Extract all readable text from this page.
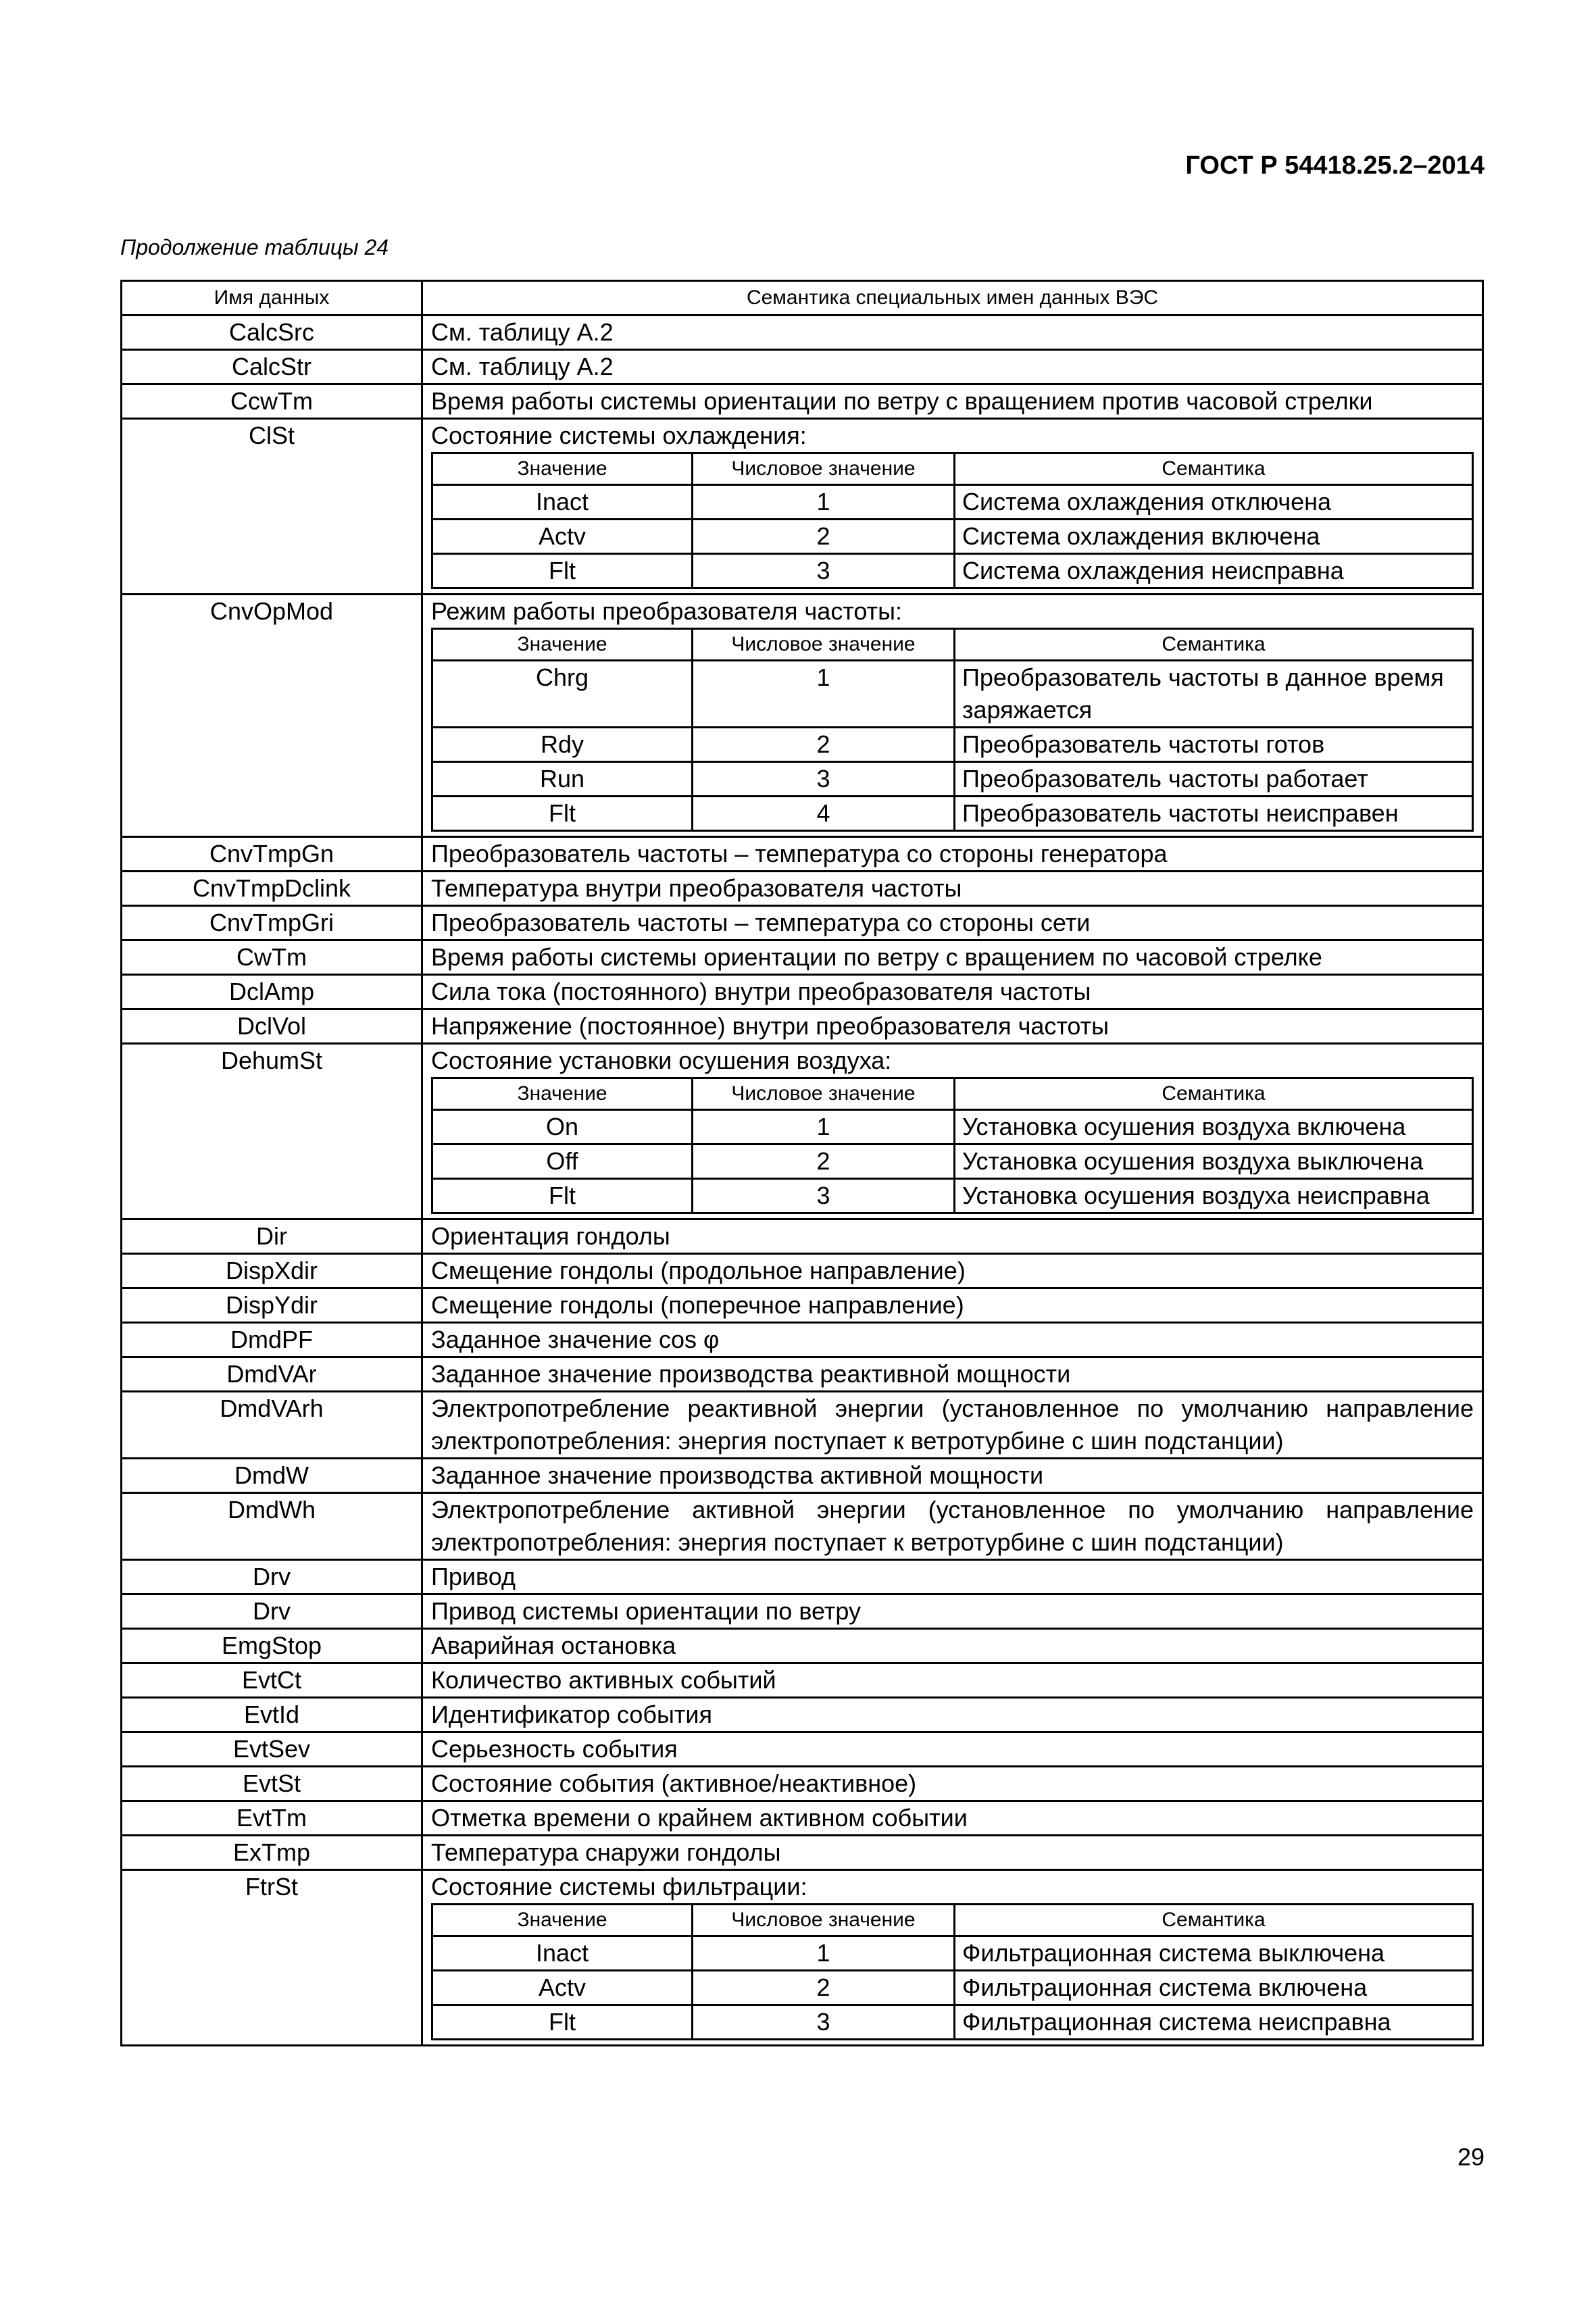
ГОСТ Р 54418.25.2–2014
Продолжение таблицы 24
Имя данных	Семантика специальных имен данных ВЭС
CalcSrc	См. таблицу А.2
CalcStr	См. таблицу А.2
CcwTm	Время работы системы ориентации по ветру с вращением против часовой стрелки
ClSt	Состояние системы охлаждения:
Значение	Числовое значение	Семантика
Inact	1	Система охлаждения отключена
Actv	2	Система охлаждения включена
Flt	3	Система охлаждения неисправна

CnvOpMod	Режим работы преобразователя частоты:
Значение	Числовое значение	Семантика
Chrg	1	Преобразователь частоты в данное время заряжается
Rdy	2	Преобразователь частоты готов
Run	3	Преобразователь частоты работает
Flt	4	Преобразователь частоты неисправен

CnvTmpGn	Преобразователь частоты – температура со стороны генератора
CnvTmpDclink	Температура внутри преобразователя частоты
CnvTmpGri	Преобразователь частоты – температура со стороны сети
CwTm	Время работы системы ориентации по ветру с вращением по часовой стрелке
DclAmp	Сила тока (постоянного) внутри преобразователя частоты
DclVol	Напряжение (постоянное) внутри преобразователя частоты
DehumSt	Состояние установки осушения воздуха:
Значение	Числовое значение	Семантика
On	1	Установка осушения воздуха включена
Off	2	Установка осушения воздуха выключена
Flt	3	Установка осушения воздуха неисправна

Dir	Ориентация гондолы
DispXdir	Смещение гондолы (продольное направление)
DispYdir	Смещение гондолы (поперечное направление)
DmdPF	Заданное значение cos φ
DmdVAr	Заданное значение производства реактивной мощности
DmdVArh	Электропотребление реактивной энергии (установленное по умолчанию направление электропотребления: энергия поступает к ветротурбине с шин подстанции)
DmdW	Заданное значение производства активной мощности
DmdWh	Электропотребление активной энергии (установленное по умолчанию направление электропотребления: энергия поступает к ветротурбине с шин подстанции)
Drv	Привод
Drv	Привод системы ориентации по ветру
EmgStop	Аварийная остановка
EvtCt	Количество активных событий
EvtId	Идентификатор события
EvtSev	Серьезность события
EvtSt	Состояние события (активное/неактивное)
EvtTm	Отметка времени о крайнем активном событии
ExTmp	Температура снаружи гондолы
FtrSt	Состояние системы фильтрации:
Значение	Числовое значение	Семантика
Inact	1	Фильтрационная система выключена
Actv	2	Фильтрационная система включена
Flt	3	Фильтрационная система неисправна
29
